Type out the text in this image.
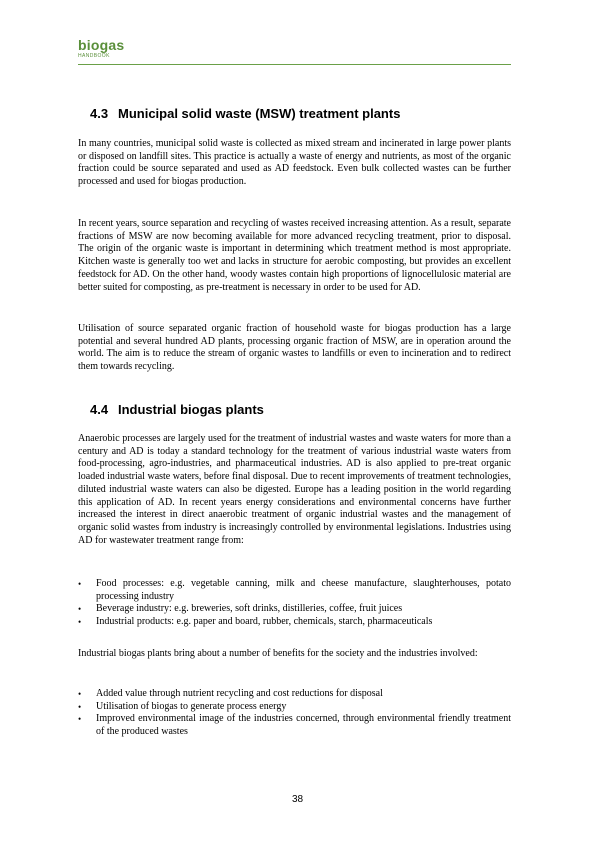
biogas
HANDBOOK
4.3 Municipal solid waste (MSW) treatment plants

In many countries, municipal solid waste is collected as mixed stream and incinerated in large power plants or disposed on landfill sites. This practice is actually a waste of energy and nutrients, as most of the organic fraction could be source separated and used as AD feedstock. Even bulk collected wastes can be further processed and used for biogas production.

In recent years, source separation and recycling of wastes received increasing attention. As a result, separate fractions of MSW are now becoming available for more advanced recycling treatment, prior to disposal. The origin of the organic waste is important in determining which treatment method is most appropriate. Kitchen waste is generally too wet and lacks in structure for aerobic composting, but provides an excellent feedstock for AD. On the other hand, woody wastes contain high proportions of lignocellulosic material are better suited for composting, as pre-treatment is necessary in order to be used for AD.

Utilisation of source separated organic fraction of household waste for biogas production has a large potential and several hundred AD plants, processing organic fraction of MSW, are in operation around the world. The aim is to reduce the stream of organic wastes to landfills or even to incineration and to redirect them towards recycling.

4.4 Industrial biogas plants

Anaerobic processes are largely used for the treatment of industrial wastes and waste waters for more than a century and AD is today a standard technology for the treatment of various industrial waste waters from food-processing, agro-industries, and pharmaceutical industries. AD is also applied to pre-treat organic loaded industrial waste waters, before final disposal. Due to recent improvements of treatment technologies, diluted industrial waste waters can also be digested. Europe has a leading position in the world regarding this application of AD. In recent years energy considerations and environmental concerns have further increased the interest in direct anaerobic treatment of organic industrial wastes and the management of organic solid wastes from industry is increasingly controlled by environmental legislations. Industries using AD for wastewater treatment range from:

• Food processes: e.g. vegetable canning, milk and cheese manufacture, slaughterhouses, potato processing industry
• Beverage industry: e.g. breweries, soft drinks, distilleries, coffee, fruit juices
• Industrial products: e.g. paper and board, rubber, chemicals, starch, pharmaceuticals

Industrial biogas plants bring about a number of benefits for the society and the industries involved:

• Added value through nutrient recycling and cost reductions for disposal
• Utilisation of biogas to generate process energy
• Improved environmental image of the industries concerned, through environmental friendly treatment of the produced wastes
38
